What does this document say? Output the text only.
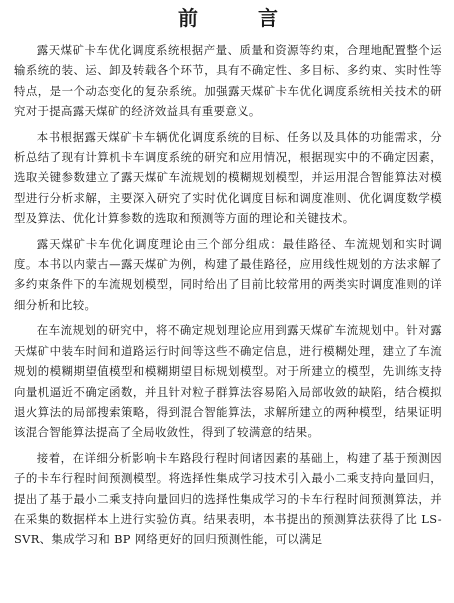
前　言

露天煤矿卡车优化调度系统根据产量、质量和资源等约束，合理地配置整个运输系统的装、运、卸及转载各个环节，具有不确定性、多目标、多约束、实时性等特点，是一个动态变化的复杂系统。加强露天煤矿卡车优化调度系统相关技术的研究对于提高露天煤矿的经济效益具有重要意义。

本书根据露天煤矿卡车辆优化调度系统的目标、任务以及具体的功能需求，分析总结了现有计算机卡车调度系统的研究和应用情况，根据现实中的不确定因素，选取关键参数建立了露天煤矿车流规划的模糊规划模型，并运用混合智能算法对模型进行分析求解，主要深入研究了实时优化调度目标和调度准则、优化调度数学模型及算法、优化计算参数的选取和预测等方面的理论和关键技术。

露天煤矿卡车优化调度理论由三个部分组成：最佳路径、车流规划和实时调度。本书以内蒙古—露天煤矿为例，构建了最佳路径，应用线性规划的方法求解了多约束条件下的车流规划模型，同时给出了目前比较常用的两类实时调度准则的详细分析和比较。

在车流规划的研究中，将不确定规划理论应用到露天煤矿车流规划中。针对露天煤矿中装车时间和道路运行时间等这些不确定信息，进行模糊处理，建立了车流规划的模糊期望值模型和模糊期望目标规划模型。对于所建立的模型，先训练支持向量机逼近不确定函数，并且针对粒子群算法容易陷入局部收敛的缺陷，结合模拟退火算法的局部搜索策略，得到混合智能算法，求解所建立的两种模型，结果证明该混合智能算法提高了全局收敛性，得到了较满意的结果。

接着，在详细分析影响卡车路段行程时间诸因素的基础上，构建了基于预测因子的卡车行程时间预测模型。将选择性集成学习技术引入最小二乘支持向量回归，提出了基于最小二乘支持向量回归的选择性集成学习的卡车行程时间预测算法，并在采集的数据样本上进行实验仿真。结果表明，本书提出的预测算法获得了比 LS-SVR、集成学习和 BP 网络更好的回归预测性能，可以满足
